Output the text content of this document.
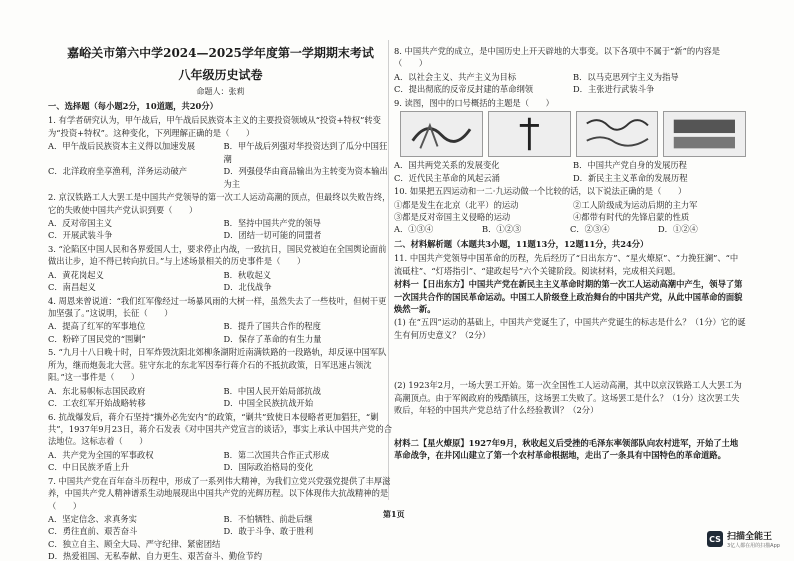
嘉峪关市第六中学2024—2025学年度第一学期期末考试
八年级历史试卷
命题人：张莉
一、选择题（每小题2分，10道题，共20分）
1. 有学者研究认为，甲午战后，甲午战后民族资本主义的主要投资领域从“投资+特权”转变为“投资+特权”。这种变化，下列理解正确的是（　　）
A．甲午战后民族资本主义得以加速发展	B．甲午战后列强对华投资达到了瓜分中国狂潮
C．北洋政府坐享渔利，洋务运动破产	D．列强侵华由商品输出为主转变为资本输出为主
2. 京汉铁路工人大罢工是中国共产党领导的第一次工人运动高潮的顶点，但最终以失败告终，它的失败使中国共产党认识到要（　　）
A．反对帝国主义	B．坚持中国共产党的领导
C．开展武装斗争	D．团结一切可能的同盟者
3. “沦陷区中国人民和各界爱国人士，要求停止内战，一致抗日，国民党被迫在全国舆论面前做出让步，迫不得已转向抗日。”与上述场景相关的历史事件是（　　）
A．黄花岗起义	B．秋收起义
C．南昌起义	D．北伐战争
4. 周恩来曾说道：“我们红军像经过一场暴风雨的大树一样，虽然失去了一些枝叶，但树干更加坚强了。”这说明，长征（　　）
A．提高了红军的军事地位	B．提升了国共合作的程度
C．粉碎了国民党的“围剿”	D．保存了革命的有生力量
5. “九月十八日晚十时，日军炸毁沈阳北郊柳条湖附近南满铁路的一段路轨，却反诬中国军队所为，继而炮轰北大营。驻守东北的东北军因奉行蒋介石的不抵抗政策，日军迅速占领沈阳。”这一事件是（　　）
A．东北易帜标志国民政府	B．中国人民开始局部抗战
C．工农红军开始战略转移	D．中国全民族抗战开始
6. 抗战爆发后，蒋介石坚持“攘外必先安内”的政策，“剿共”致使日本侵略者更加猖狂，“剿共”，1937年9月23日，蒋介石发表《对中国共产党宣言的谈话》，事实上承认中国共产党的合法地位。这标志着（　　）
A．共产党为全国的军事政权	B．第二次国共合作正式形成
C．中日民族矛盾上升	D．国际政治格局的变化
7. 中国共产党在百年奋斗历程中，形成了一系列伟大精神，为我们立党兴党强党提供了丰厚滋养，中国共产党人精神谱系生动地展现出中国共产党的光辉历程。以下体现伟大抗战精神的是（　　）
A．坚定信念、求真务实	B．不怕牺牲、前赴后继
C．勇往直前、艰苦奋斗	D．敢于斗争、敢于胜利
C．独立自主、顾全大局、严守纪律、紧密团结
D．热爱祖国、无私奉献、自力更生、艰苦奋斗、勤俭节约
8. 中国共产党的成立，是中国历史上开天辟地的大事变。以下各项中不属于“新”的内容是（　　）
A．以社会主义、共产主义为目标	B．以马克思列宁主义为指导
C．提出彻底的反帝反封建的革命纲领	D．主张进行武装斗争
9. 读图，图中的口号概括的主题是（　　）
A．国共两党关系的发展变化	B．中国共产党自身的发展历程
C．近代民主革命的风起云涌	D．新民主主义革命的发展历程
10. 如果把五四运动和一二·九运动做一个比较的话，以下说法正确的是（　　）
①都是发生在北京（北平）的运动	②工人阶级成为运动后期的主力军
③都是反对帝国主义侵略的运动	④都带有时代的先锋启蒙的性质
A．①③④	B．①②③	C．②③④	D．①②④
二、材料解析题（本题共3小题，11题13分，12题11分，共24分）
11. 中国共产党领导中国革命的历程，先后经历了“日出东方”、“星火燎原”、“力挽狂澜”、“中流砥柱”、“灯塔指引”、“建政起号”六个关键阶段。阅读材料，完成相关问题。
材料一【日出东方】中国共产党在新民主主义革命时期的第一次工人运动高潮中产生，领导了第一次国共合作的国民革命运动。中国工人阶级登上政治舞台的中国共产党，从此中国革命的面貌焕然一新。
(1) 在“五四”运动的基础上，中国共产党诞生了，中国共产党诞生的标志是什么？（1分）它的诞生有何历史意义？（2分）
(2) 1923年2月，一场大罢工开始。第一次全国性工人运动高潮，其中以京汉铁路工人大罢工为高潮顶点。由于军阀政府的残酷镇压，这场罢工失败了。这场罢工是什么？（1分）这次罢工失败后，年轻的中国共产党总结了什么经验教训？（2分）
材料二【星火燎原】1927年9月，秋收起义后受挫的毛泽东率领部队向农村进军，开始了土地革命战争，在井冈山建立了第一个农村革命根据地，走出了一条具有中国特色的革命道路。
第1页
CS 扫描全能王
3亿人都在用的扫描App
